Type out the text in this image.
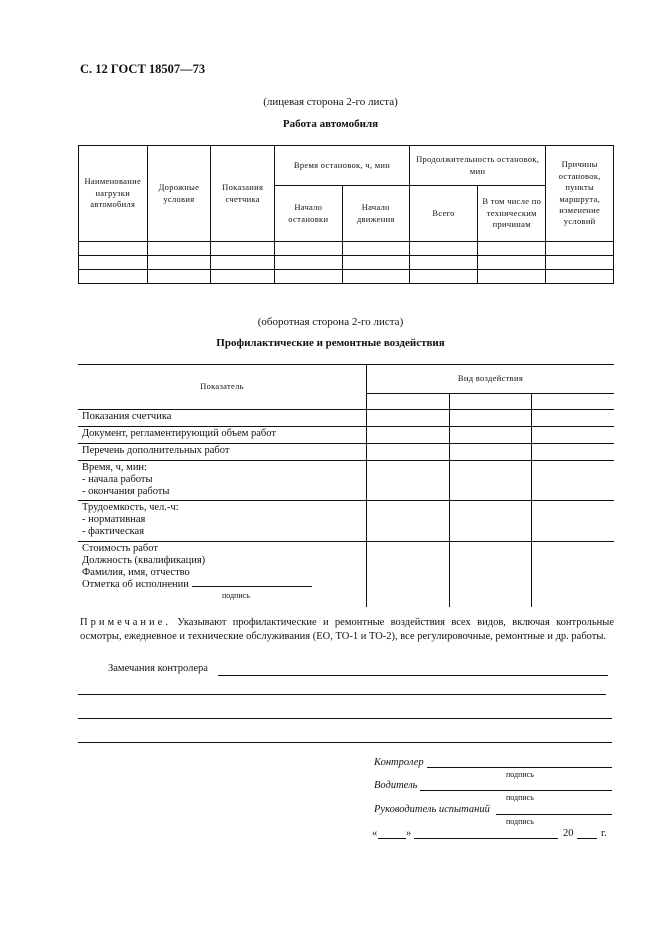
С. 12 ГОСТ 18507—73
(лицевая сторона 2-го листа)
Работа автомобиля
Наименование нагрузки автомобиля	Дорожные условия	Показания счетчика	Время остановок, ч, мин		Продолжительность остановок, мин		Причины остановок, пункты маршрута, изменение условий
			Начало остановки	Начало движения	Всего	В том числе по техническим причинам	

(оборотная сторона 2-го листа)
Профилактические и ремонтные воздействия
Показатель	Вид воздействия		

Показания счетчика			
Документ, регламентирующий объем работ			
Перечень дополнительных работ			

Время, ч, мин:
- начала работы
- окончания работы			

Трудоемкость, чел.-ч:
- нормативная
- фактическая			

Стоимость работ
Должность (квалификация)
Фамилия, имя, отчество
Отметка об исполнении
подпись			

Примечание. Указывают профилактические и ремонтные воздействия всех видов, включая контрольные осмотры, ежедневное и технические обслуживания (ЕО, ТО-1 и ТО-2), все регулировочные, ремонтные и др. работы.
Замечания контролера
Контролер
подпись
Водитель
подпись
Руководитель испытаний
подпись
«	»	20	г.
